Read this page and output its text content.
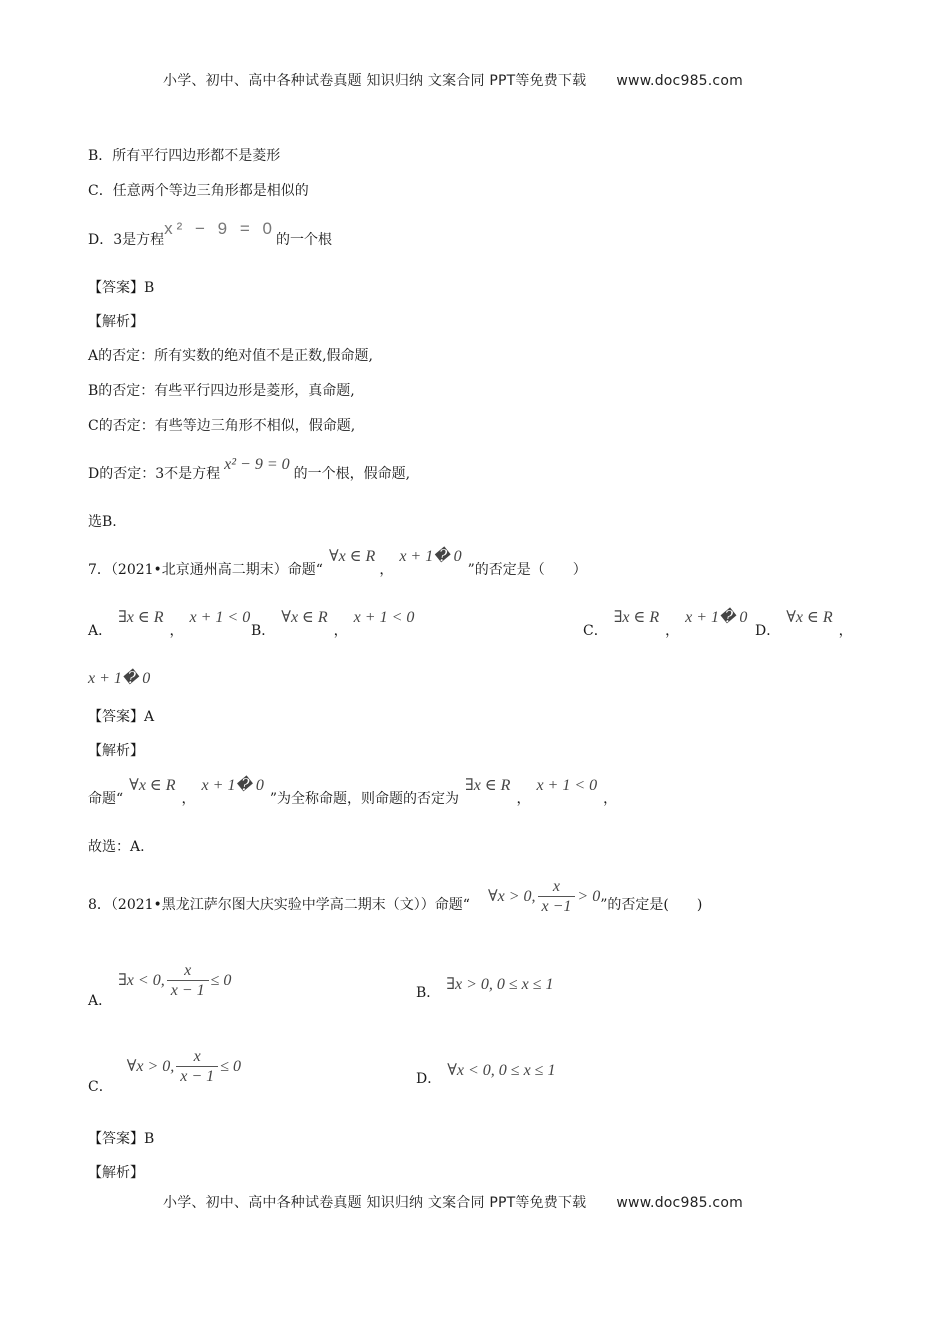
小学、初中、高中各种试卷真题 知识归纳 文案合同 PPT等免费下载 www.doc985.com
B．所有平行四边形都不是菱形
C．任意两个等边三角形都是相似的
D．3是方程x² − 9 = 0的一个根
【答案】B
【解析】
A的否定：所有实数的绝对值不是正数,假命题,
B的否定：有些平行四边形是菱形，真命题,
C的否定：有些等边三角形不相似，假命题,
D的否定：3不是方程x² − 9 = 0的一个根，假命题,
选B.
7．（2021•北京通州高二期末）命题“∀x ∈ R，x + 1� 0”的否定是（　　）
A．∃x ∈ R，x + 1 < 0
B．∀x ∈ R，x + 1 < 0
C．∃x ∈ R，x + 1� 0
D．∀x ∈ R，
x + 1� 0
【答案】A
【解析】
命题“∀x ∈ R，x + 1� 0”为全称命题，则命题的否定为∃x ∈ R，x + 1 < 0，
故选：A.
8．（2021•黑龙江萨尔图大庆实验中学高二期末（文））命题“ ∀x > 0, $\frac{x}{x -1} > 0$”的否定是(　　)
A．∃x < 0, $\frac{x}{x - 1} \le 0$
B． ∃x > 0, 0 ≤ x ≤ 1
C．∀x > 0, $\frac{x}{x - 1} \le 0$
D． ∀x < 0, 0 ≤ x ≤ 1
【答案】B
【解析】
小学、初中、高中各种试卷真题 知识归纳 文案合同 PPT等免费下载 www.doc985.com
